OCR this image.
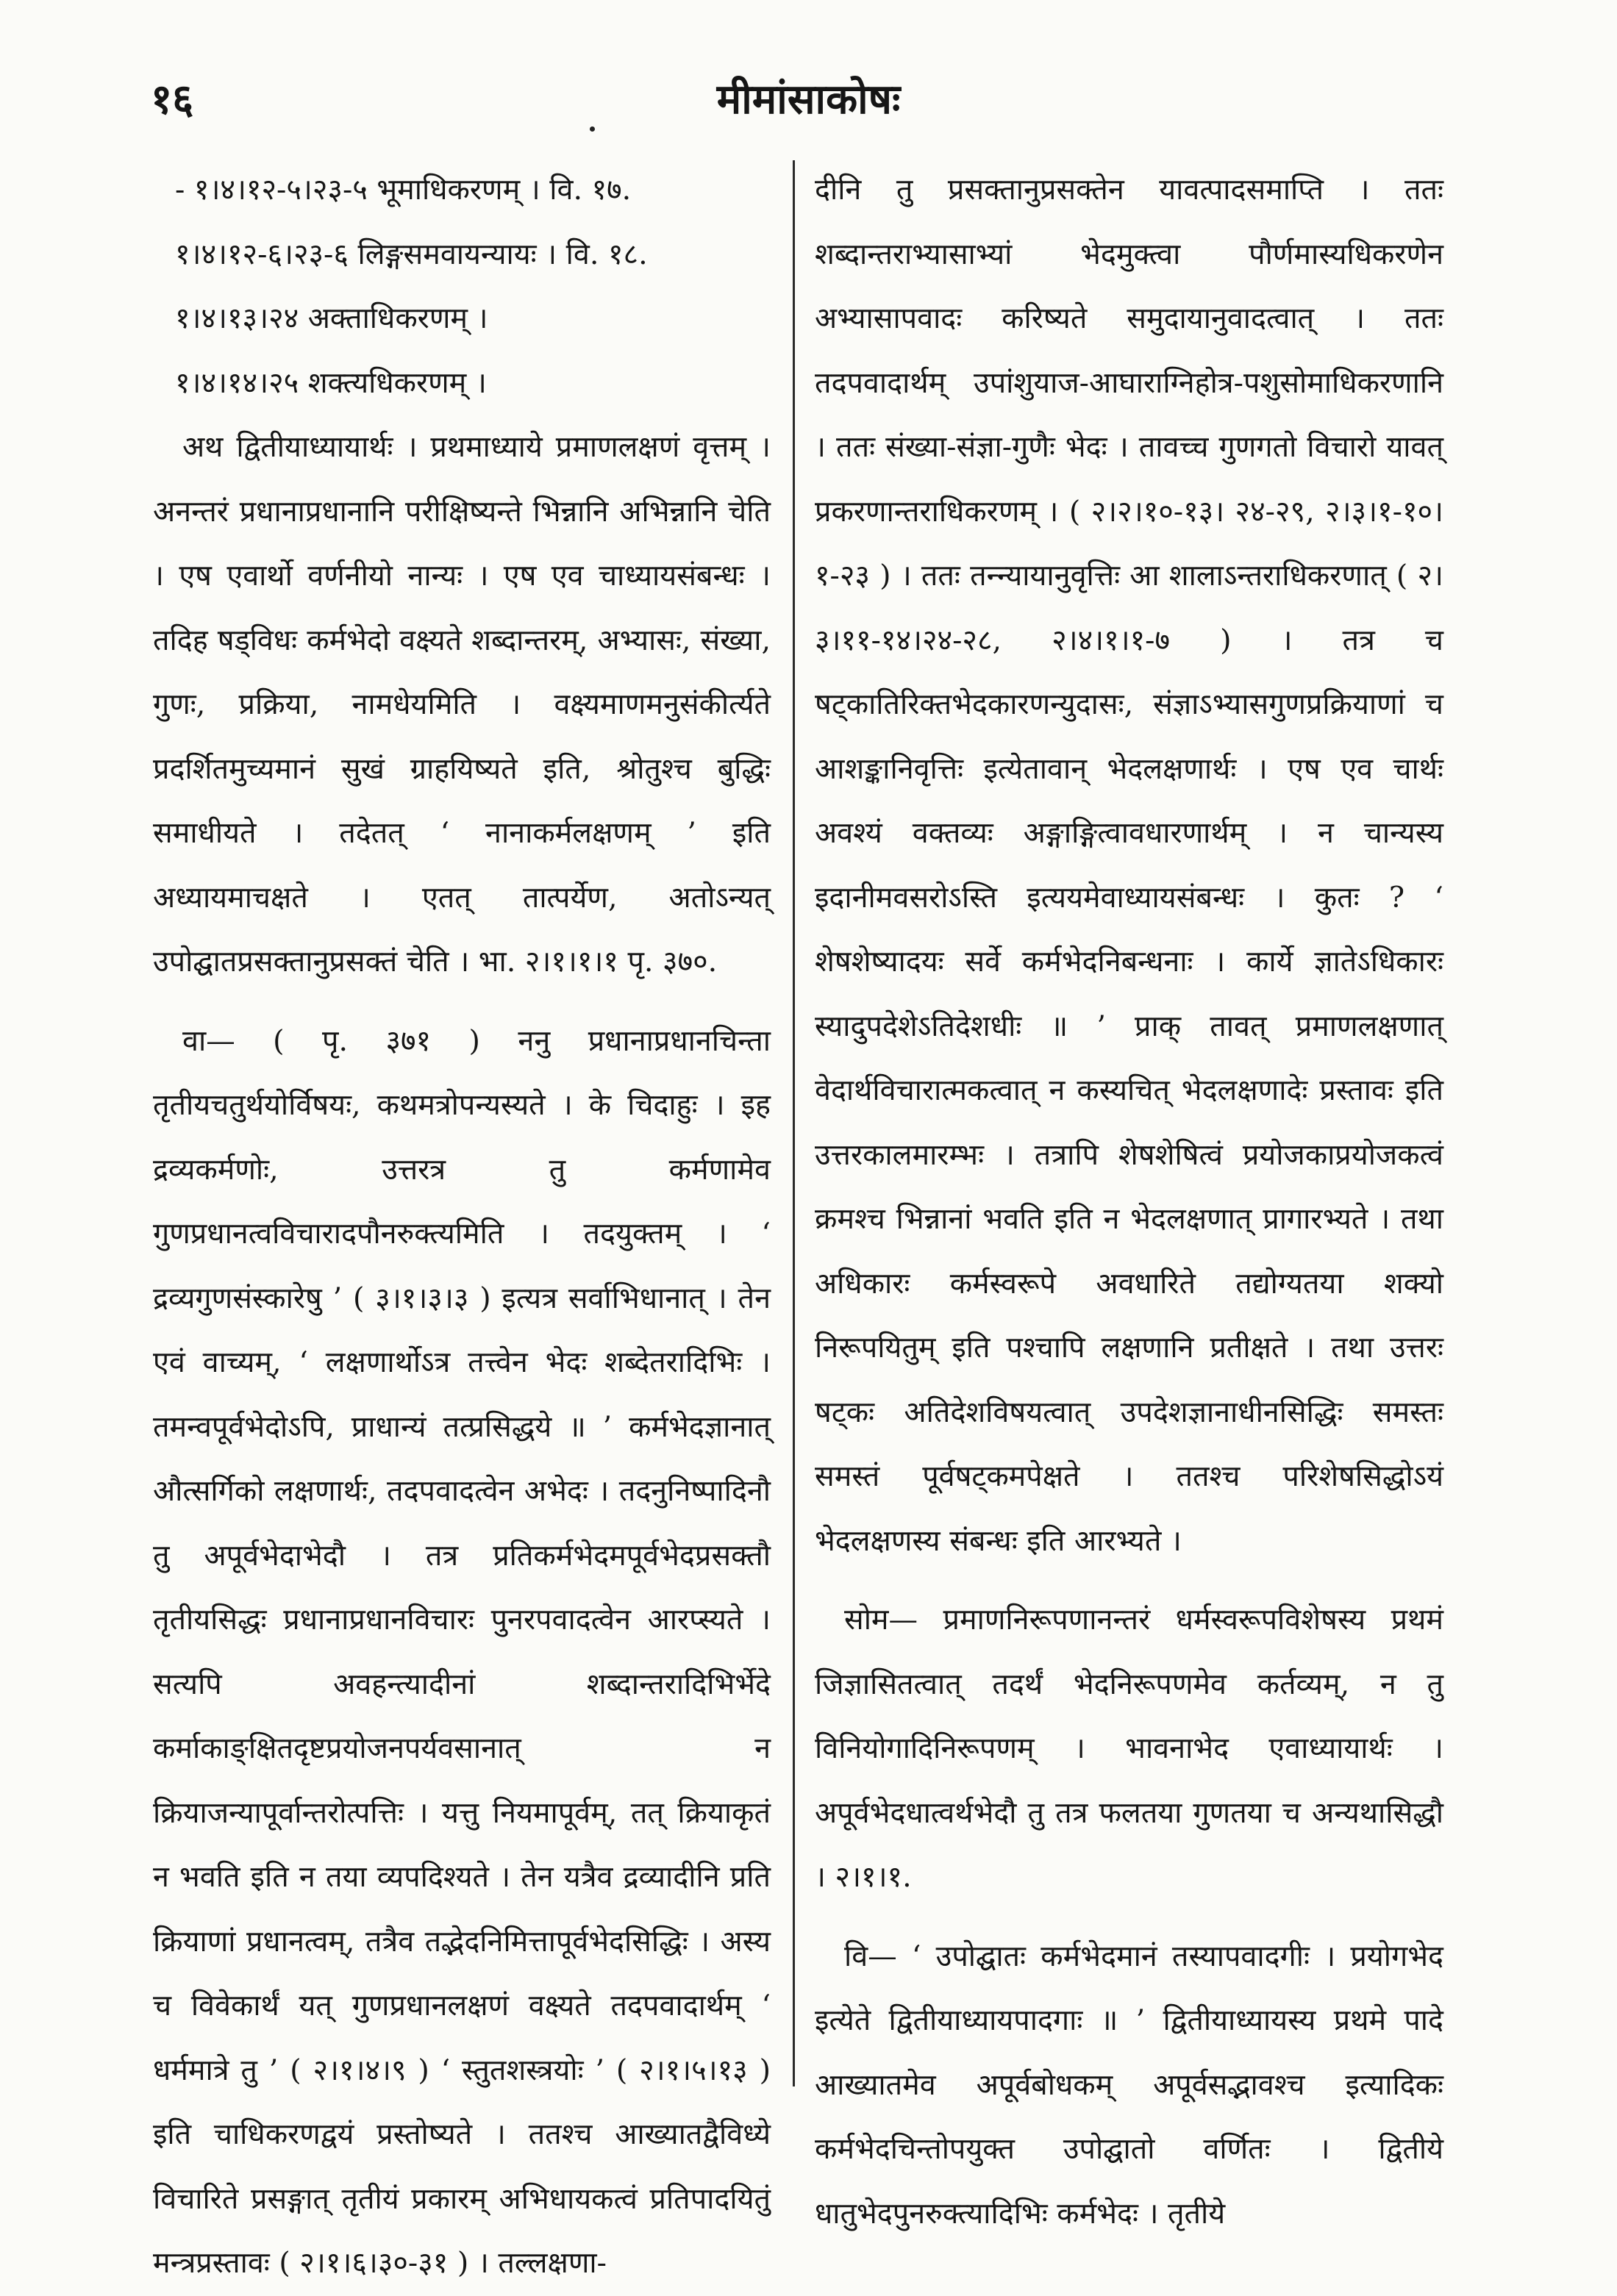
१६	मीमांसाकोषः

- १।४।१२-५।२३-५ भूमाधिकरणम् । वि. १७.

१।४।१२-६।२३-६ लिङ्गसमवायन्यायः । वि. १८.

१।४।१३।२४ अक्ताधिकरणम् ।

१।४।१४।२५ शक्त्यधिकरणम् ।

अथ द्वितीयाध्यायार्थः । प्रथमाध्याये प्रमाणलक्षणं वृत्तम् । अनन्तरं प्रधानाप्रधानानि परीक्षिष्यन्ते भिन्नानि अभिन्नानि चेति । एष एवार्थो वर्णनीयो नान्यः । एष एव चाध्यायसंबन्धः । तदिह षड्विधः कर्मभेदो वक्ष्यते शब्दान्तरम्, अभ्यासः, संख्या, गुणः, प्रक्रिया, नामधेयमिति । वक्ष्यमाणमनुसंकीर्त्यते प्रदर्शितमुच्यमानं सुखं ग्राहयिष्यते इति, श्रोतुश्च बुद्धिः समाधीयते । तदेतत् ‘ नानाकर्मलक्षणम् ’ इति अध्यायमाचक्षते । एतत् तात्पर्येण, अतोऽन्यत् उपोद्घातप्रसक्तानुप्रसक्तं चेति । भा. २।१।१।१ पृ. ३७०.

वा— ( पृ. ३७१ ) ननु प्रधानाप्रधानचिन्ता तृतीयचतुर्थयोर्विषयः, कथमत्रोपन्यस्यते । के चिदाहुः । इह द्रव्यकर्मणोः, उत्तरत्र तु कर्मणामेव गुणप्रधानत्वविचारादपौनरुक्त्यमिति । तदयुक्तम् । ‘ द्रव्यगुणसंस्कारेषु ’ ( ३।१।३।३ ) इत्यत्र सर्वाभिधानात् । तेन एवं वाच्यम्, ‘ लक्षणार्थोऽत्र तत्त्वेन भेदः शब्देतरादिभिः । तमन्वपूर्वभेदोऽपि, प्राधान्यं तत्प्रसिद्धये ॥ ’ कर्मभेदज्ञानात् औत्सर्गिको लक्षणार्थः, तदपवादत्वेन अभेदः । तदनुनिष्पादिनौ तु अपूर्वभेदाभेदौ । तत्र प्रतिकर्मभेदमपूर्वभेदप्रसक्तौ तृतीयसिद्धः प्रधानाप्रधानविचारः पुनरपवादत्वेन आरप्स्यते । सत्यपि अवहन्त्यादीनां शब्दान्तरादिभिर्भेदे कर्माकाङ्क्षितदृष्टप्रयोजनपर्यवसानात् न क्रियाजन्यापूर्वान्तरोत्पत्तिः । यत्तु नियमापूर्वम्, तत् क्रियाकृतं न भवति इति न तया व्यपदिश्यते । तेन यत्रैव द्रव्यादीनि प्रति क्रियाणां प्रधानत्वम्, तत्रैव तद्भेदनिमित्तापूर्वभेदसिद्धिः । अस्य च विवेकार्थं यत् गुणप्रधानलक्षणं वक्ष्यते तदपवादार्थम् ‘ धर्ममात्रे तु ’ ( २।१।४।९ ) ‘ स्तुतशस्त्रयोः ’ ( २।१।५।१३ ) इति चाधिकरणद्वयं प्रस्तोष्यते । ततश्च आख्यातद्वैविध्ये विचारिते प्रसङ्गात् तृतीयं प्रकारम् अभिधायकत्वं प्रतिपादयितुं मन्त्रप्रस्तावः ( २।१।६।३०-३१ ) । तल्लक्षणा-

दीनि तु प्रसक्तानुप्रसक्तेन यावत्पादसमाप्ति । ततः शब्दान्तराभ्यासाभ्यां भेदमुक्त्वा पौर्णमास्यधिकरणेन अभ्यासापवादः करिष्यते समुदायानुवादत्वात् । ततः तदपवादार्थम् उपांशुयाज-आघाराग्निहोत्र-पशुसोमाधिकरणानि । ततः संख्या-संज्ञा-गुणैः भेदः । तावच्च गुणगतो विचारो यावत् प्रकरणान्तराधिकरणम् । ( २।२।१०-१३। २४-२९, २।३।१-१०।१-२३ ) । ततः तन्न्यायानुवृत्तिः आ शालाऽन्तराधिकरणात् ( २।३।११-१४।२४-२८, २।४।१।१-७ ) । तत्र च षट्कातिरिक्तभेदकारणन्युदासः, संज्ञाऽभ्यासगुणप्रक्रियाणां च आशङ्कानिवृत्तिः इत्येतावान् भेदलक्षणार्थः । एष एव चार्थः अवश्यं वक्तव्यः अङ्गाङ्गित्वावधारणार्थम् । न चान्यस्य इदानीमवसरोऽस्ति इत्ययमेवाध्यायसंबन्धः । कुतः ? ‘ शेषशेष्यादयः सर्वे कर्मभेदनिबन्धनाः । कार्ये ज्ञातेऽधिकारः स्यादुपदेशेऽतिदेशधीः ॥ ’ प्राक् तावत् प्रमाणलक्षणात् वेदार्थविचारात्मकत्वात् न कस्यचित् भेदलक्षणादेः प्रस्तावः इति उत्तरकालमारम्भः । तत्रापि शेषशेषित्वं प्रयोजकाप्रयोजकत्वं क्रमश्च भिन्नानां भवति इति न भेदलक्षणात् प्रागारभ्यते । तथा अधिकारः कर्मस्वरूपे अवधारिते तद्योग्यतया शक्यो निरूपयितुम् इति पश्चापि लक्षणानि प्रतीक्षते । तथा उत्तरः षट्कः अतिदेशविषयत्वात् उपदेशज्ञानाधीनसिद्धिः समस्तः समस्तं पूर्वषट्कमपेक्षते । ततश्च परिशेषसिद्धोऽयं भेदलक्षणस्य संबन्धः इति आरभ्यते ।

सोम— प्रमाणनिरूपणानन्तरं धर्मस्वरूपविशेषस्य प्रथमं जिज्ञासितत्वात् तदर्थं भेदनिरूपणमेव कर्तव्यम्, न तु विनियोगादिनिरूपणम् । भावनाभेद एवाध्यायार्थः । अपूर्वभेदधात्वर्थभेदौ तु तत्र फलतया गुणतया च अन्यथासिद्धौ । २।१।१.

वि— ‘ उपोद्घातः कर्मभेदमानं तस्यापवादगीः । प्रयोगभेद इत्येते द्वितीयाध्यायपादगाः ॥ ’ द्वितीयाध्यायस्य प्रथमे पादे आख्यातमेव अपूर्वबोधकम् अपूर्वसद्भावश्च इत्यादिकः कर्मभेदचिन्तोपयुक्त उपोद्घातो वर्णितः । द्वितीये धातुभेदपुनरुक्त्यादिभिः कर्मभेदः । तृतीये
